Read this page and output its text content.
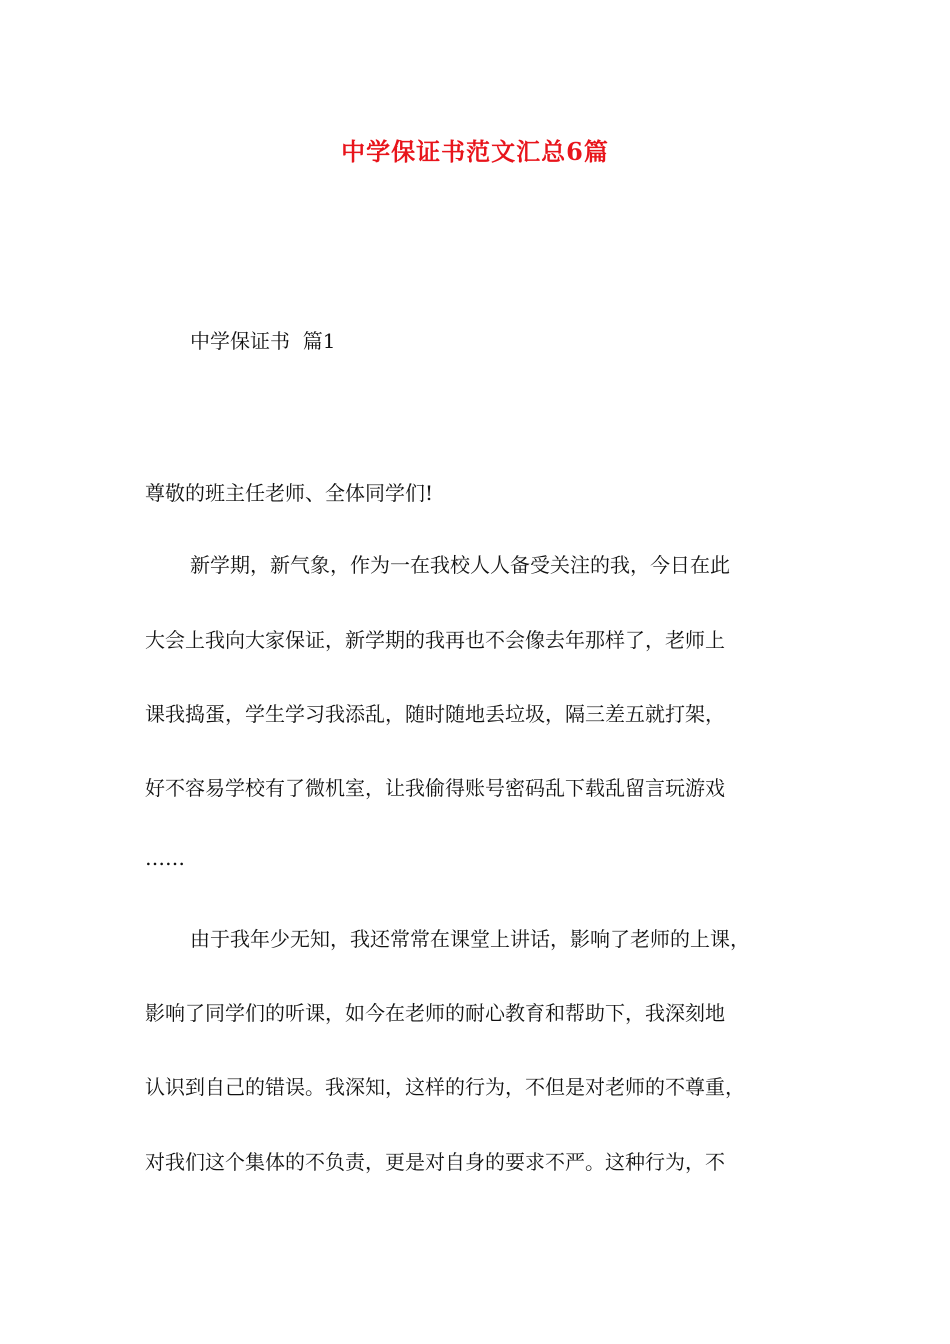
中学保证书范文汇总6篇

中学保证书  篇1

尊敬的班主任老师、全体同学们!

新学期，新气象，作为一在我校人人备受关注的我，今日在此

大会上我向大家保证，新学期的我再也不会像去年那样了，老师上

课我捣蛋，学生学习我添乱，随时随地丢垃圾，隔三差五就打架，

好不容易学校有了微机室，让我偷得账号密码乱下载乱留言玩游戏

……

由于我年少无知，我还常常在课堂上讲话，影响了老师的上课，

影响了同学们的听课，如今在老师的耐心教育和帮助下，我深刻地

认识到自己的错误。我深知，这样的行为，不但是对老师的不尊重，

对我们这个集体的不负责，更是对自身的要求不严。这种行为，不
